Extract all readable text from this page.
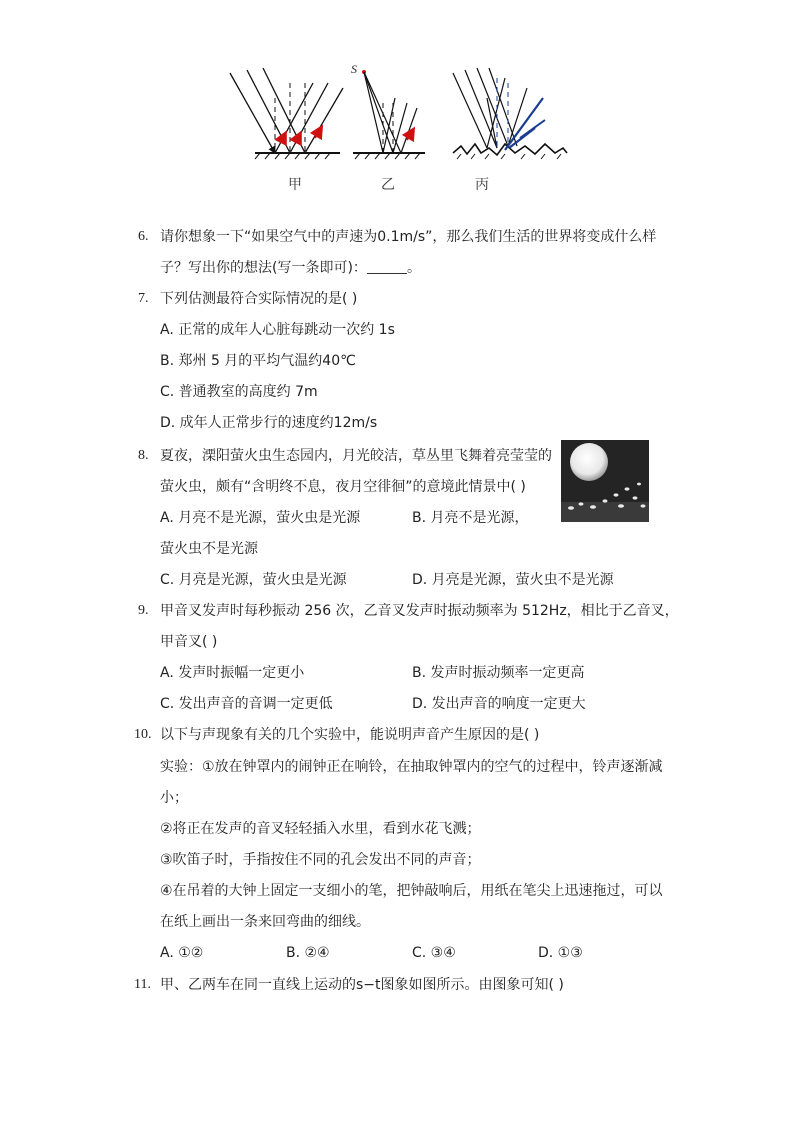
甲	乙	丙
S
6. 请你想象一下“如果空气中的声速为0.1m/s”，那么我们生活的世界将变成什么样
子？写出你的想法(写一条即可)：	。
7. 下列估测最符合实际情况的是( )
A. 正常的成年人心脏每跳动一次约 1s
B. 郑州 5 月的平均气温约40℃
C. 普通教室的高度约 7m
D. 成年人正常步行的速度约12m/s
8. 夏夜，溧阳萤火虫生态园内，月光皎洁，草丛里飞舞着亮莹莹的
萤火虫，颇有“含明终不息，夜月空徘徊”的意境此情景中( )
A. 月亮不是光源，萤火虫是光源	B. 月亮不是光源，
萤火虫不是光源
C. 月亮是光源，萤火虫是光源	D. 月亮是光源，萤火虫不是光源
9. 甲音叉发声时每秒振动 256 次，乙音叉发声时振动频率为 512Hz，相比于乙音叉，
甲音叉( )
A. 发声时振幅一定更小	B. 发声时振动频率一定更高
C. 发出声音的音调一定更低	D. 发出声音的响度一定更大
10. 以下与声现象有关的几个实验中，能说明声音产生原因的是( )
实验：①放在钟罩内的闹钟正在响铃，在抽取钟罩内的空气的过程中，铃声逐渐减
小；
②将正在发声的音叉轻轻插入水里，看到水花飞溅；
③吹笛子时，手指按住不同的孔会发出不同的声音；
④在吊着的大钟上固定一支细小的笔，把钟敲响后，用纸在笔尖上迅速拖过，可以
在纸上画出一条来回弯曲的细线。
A. ①②	B. ②④	C. ③④	D. ①③
11. 甲、乙两车在同一直线上运动的s−t图象如图所示。由图象可知( )
